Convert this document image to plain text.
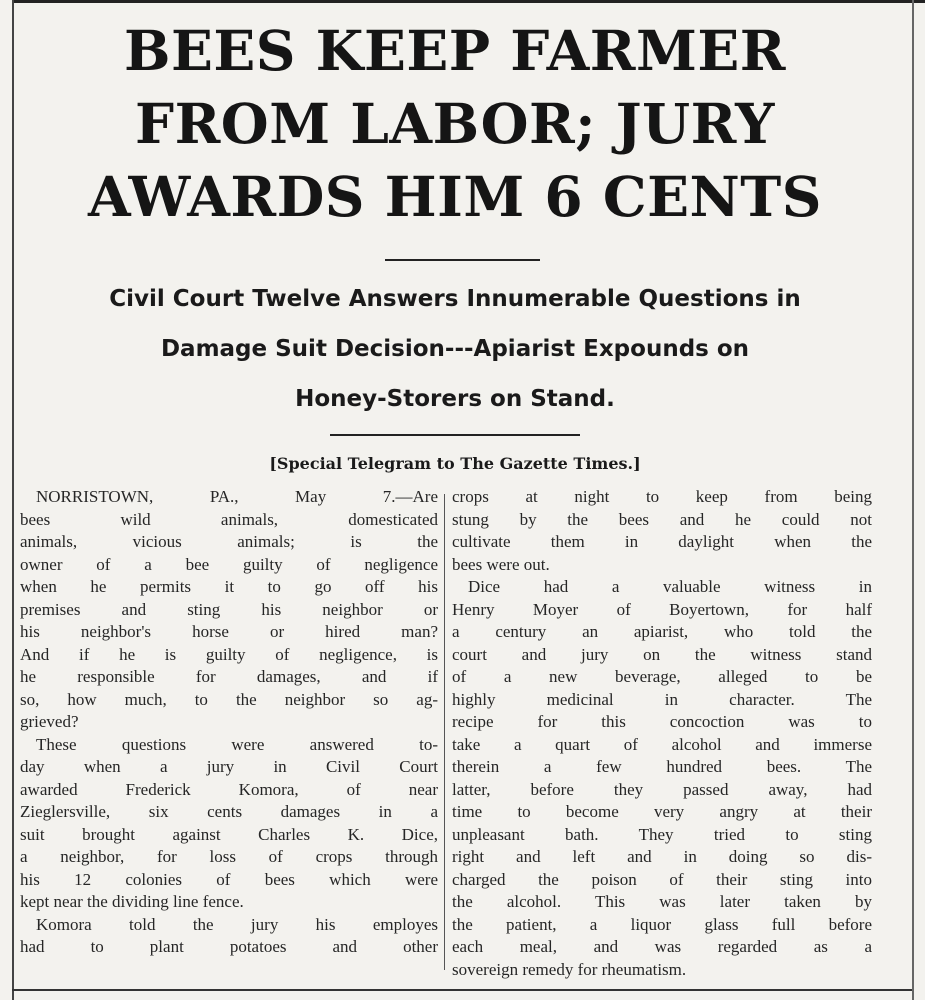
BEES KEEP FARMER
FROM LABOR; JURY
AWARDS HIM 6 CENTS
Civil Court Twelve Answers Innumerable Questions in
Damage Suit Decision---Apiarist Expounds on
Honey-Storers on Stand.
[Special Telegram to The Gazette Times.]

NORRISTOWN, PA., May 7.—Are
bees wild animals, domesticated
animals, vicious animals; is the
owner of a bee guilty of negligence
when he permits it to go off his
premises and sting his neighbor or
his neighbor's horse or hired man?
And if he is guilty of negligence, is
he responsible for damages, and if
so, how much, to the neighbor so ag-
grieved?

These questions were answered to-
day when a jury in Civil Court
awarded Frederick Komora, of near
Zieglersville, six cents damages in a
suit brought against Charles K. Dice,
a neighbor, for loss of crops through
his 12 colonies of bees which were
kept near the dividing line fence.

Komora told the jury his employes
had to plant potatoes and other

crops at night to keep from being
stung by the bees and he could not
cultivate them in daylight when the
bees were out.

Dice had a valuable witness in
Henry Moyer of Boyertown, for half
a century an apiarist, who told the
court and jury on the witness stand
of a new beverage, alleged to be
highly medicinal in character. The
recipe for this concoction was to
take a quart of alcohol and immerse
therein a few hundred bees. The
latter, before they passed away, had
time to become very angry at their
unpleasant bath. They tried to sting
right and left and in doing so dis-
charged the poison of their sting into
the alcohol. This was later taken by
the patient, a liquor glass full before
each meal, and was regarded as a
sovereign remedy for rheumatism.
